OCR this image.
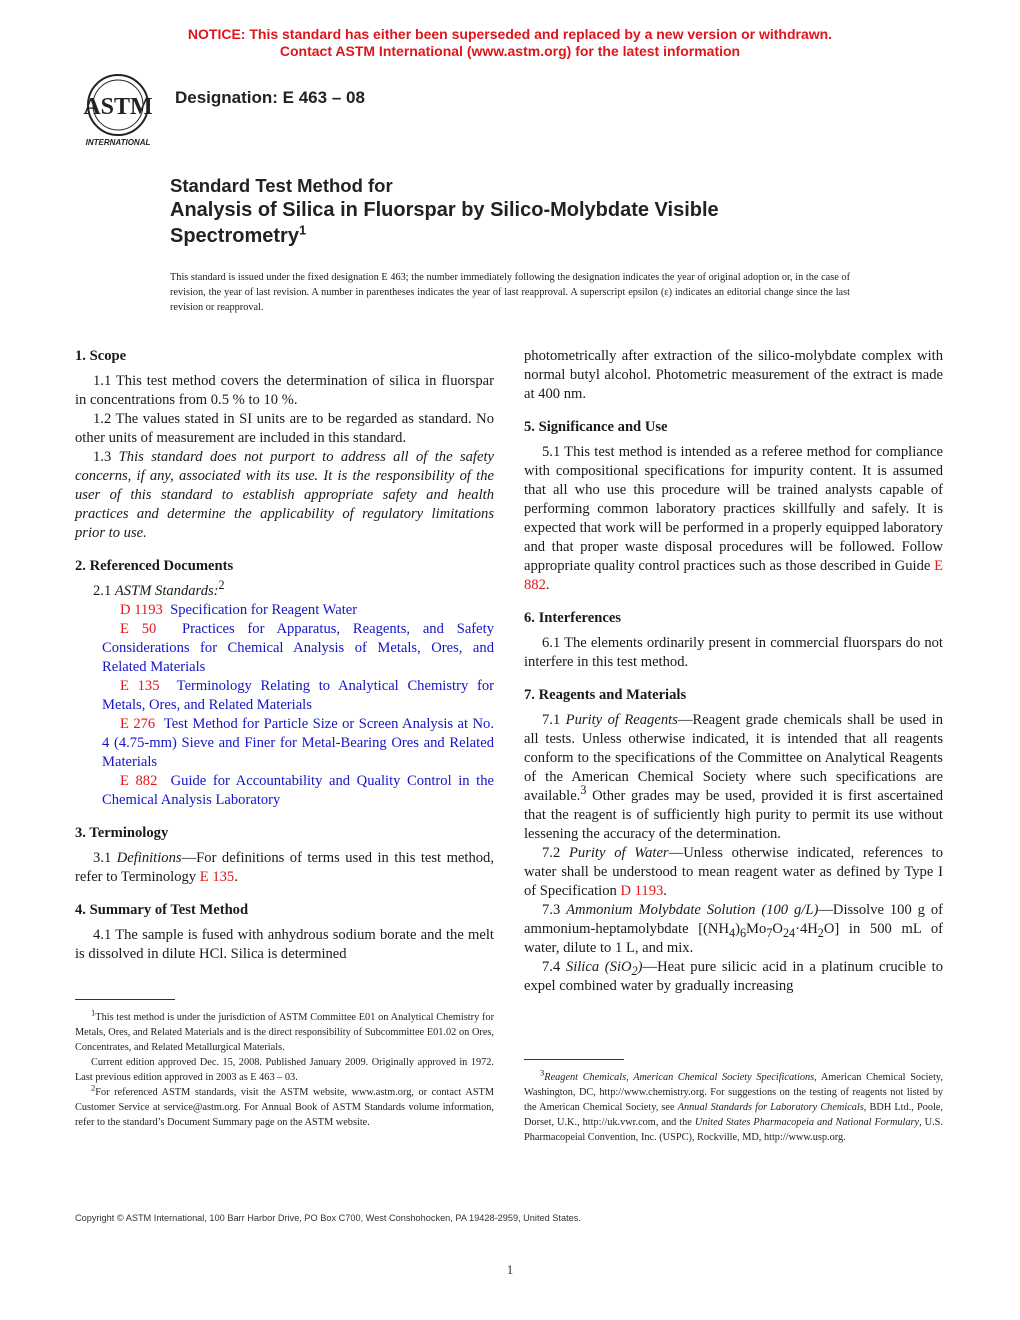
NOTICE: This standard has either been superseded and replaced by a new version or withdrawn.
Contact ASTM International (www.astm.org) for the latest information
ASTM
INTERNATIONAL
Designation: E 463 – 08
Standard Test Method for
Analysis of Silica in Fluorspar by Silico-Molybdate Visible
Spectrometry$^1$
This standard is issued under the fixed designation E 463; the number immediately following the designation indicates the year of original adoption or, in the case of revision, the year of last revision. A number in parentheses indicates the year of last reapproval. A superscript epsilon (ε) indicates an editorial change since the last revision or reapproval.
1. Scope

1.1 This test method covers the determination of silica in fluorspar in concentrations from 0.5 % to 10 %.

1.2 The values stated in SI units are to be regarded as standard. No other units of measurement are included in this standard.

1.3 This standard does not purport to address all of the safety concerns, if any, associated with its use. It is the responsibility of the user of this standard to establish appropriate safety and health practices and determine the applicability of regulatory limitations prior to use.

2. Referenced Documents

2.1 ASTM Standards:$^2$

D 1193 Specification for Reagent Water

E 50 Practices for Apparatus, Reagents, and Safety Considerations for Chemical Analysis of Metals, Ores, and Related Materials

E 135 Terminology Relating to Analytical Chemistry for Metals, Ores, and Related Materials

E 276 Test Method for Particle Size or Screen Analysis at No. 4 (4.75-mm) Sieve and Finer for Metal-Bearing Ores and Related Materials

E 882 Guide for Accountability and Quality Control in the Chemical Analysis Laboratory

3. Terminology

3.1 Definitions—For definitions of terms used in this test method, refer to Terminology E 135.

4. Summary of Test Method

4.1 The sample is fused with anhydrous sodium borate and the melt is dissolved in dilute HCl. Silica is determined

$^1$This test method is under the jurisdiction of ASTM Committee E01 on Analytical Chemistry for Metals, Ores, and Related Materials and is the direct responsibility of Subcommittee E01.02 on Ores, Concentrates, and Related Metallurgical Materials.

Current edition approved Dec. 15, 2008. Published January 2009. Originally approved in 1972. Last previous edition approved in 2003 as E 463 – 03.

$^2$For referenced ASTM standards, visit the ASTM website, www.astm.org, or contact ASTM Customer Service at service@astm.org. For Annual Book of ASTM Standards volume information, refer to the standard’s Document Summary page on the ASTM website.

photometrically after extraction of the silico-molybdate complex with normal butyl alcohol. Photometric measurement of the extract is made at 400 nm.

5. Significance and Use

5.1 This test method is intended as a referee method for compliance with compositional specifications for impurity content. It is assumed that all who use this procedure will be trained analysts capable of performing common laboratory practices skillfully and safely. It is expected that work will be performed in a properly equipped laboratory and that proper waste disposal procedures will be followed. Follow appropriate quality control practices such as those described in Guide E 882.

6. Interferences

6.1 The elements ordinarily present in commercial fluorspars do not interfere in this test method.

7. Reagents and Materials

7.1 Purity of Reagents—Reagent grade chemicals shall be used in all tests. Unless otherwise indicated, it is intended that all reagents conform to the specifications of the Committee on Analytical Reagents of the American Chemical Society where such specifications are available.$^3$ Other grades may be used, provided it is first ascertained that the reagent is of sufficiently high purity to permit its use without lessening the accuracy of the determination.

7.2 Purity of Water—Unless otherwise indicated, references to water shall be understood to mean reagent water as defined by Type I of Specification D 1193.

7.3 Ammonium Molybdate Solution (100 g/L)—Dissolve 100 g of ammonium-heptamolybdate $[(NH_4)_6Mo_7O_{24}\cdot 4H_2O]$ in 500 mL of water, dilute to 1 L, and mix.

7.4 Silica (SiO$_2$)—Heat pure silicic acid in a platinum crucible to expel combined water by gradually increasing

$^3$Reagent Chemicals, American Chemical Society Specifications, American Chemical Society, Washington, DC, http://www.chemistry.org. For suggestions on the testing of reagents not listed by the American Chemical Society, see Annual Standards for Laboratory Chemicals, BDH Ltd., Poole, Dorset, U.K., http://uk.vwr.com, and the United States Pharmacopeia and National Formulary, U.S. Pharmacopeial Convention, Inc. (USPC), Rockville, MD, http://www.usp.org.

Copyright © ASTM International, 100 Barr Harbor Drive, PO Box C700, West Conshohocken, PA 19428-2959, United States.
1
